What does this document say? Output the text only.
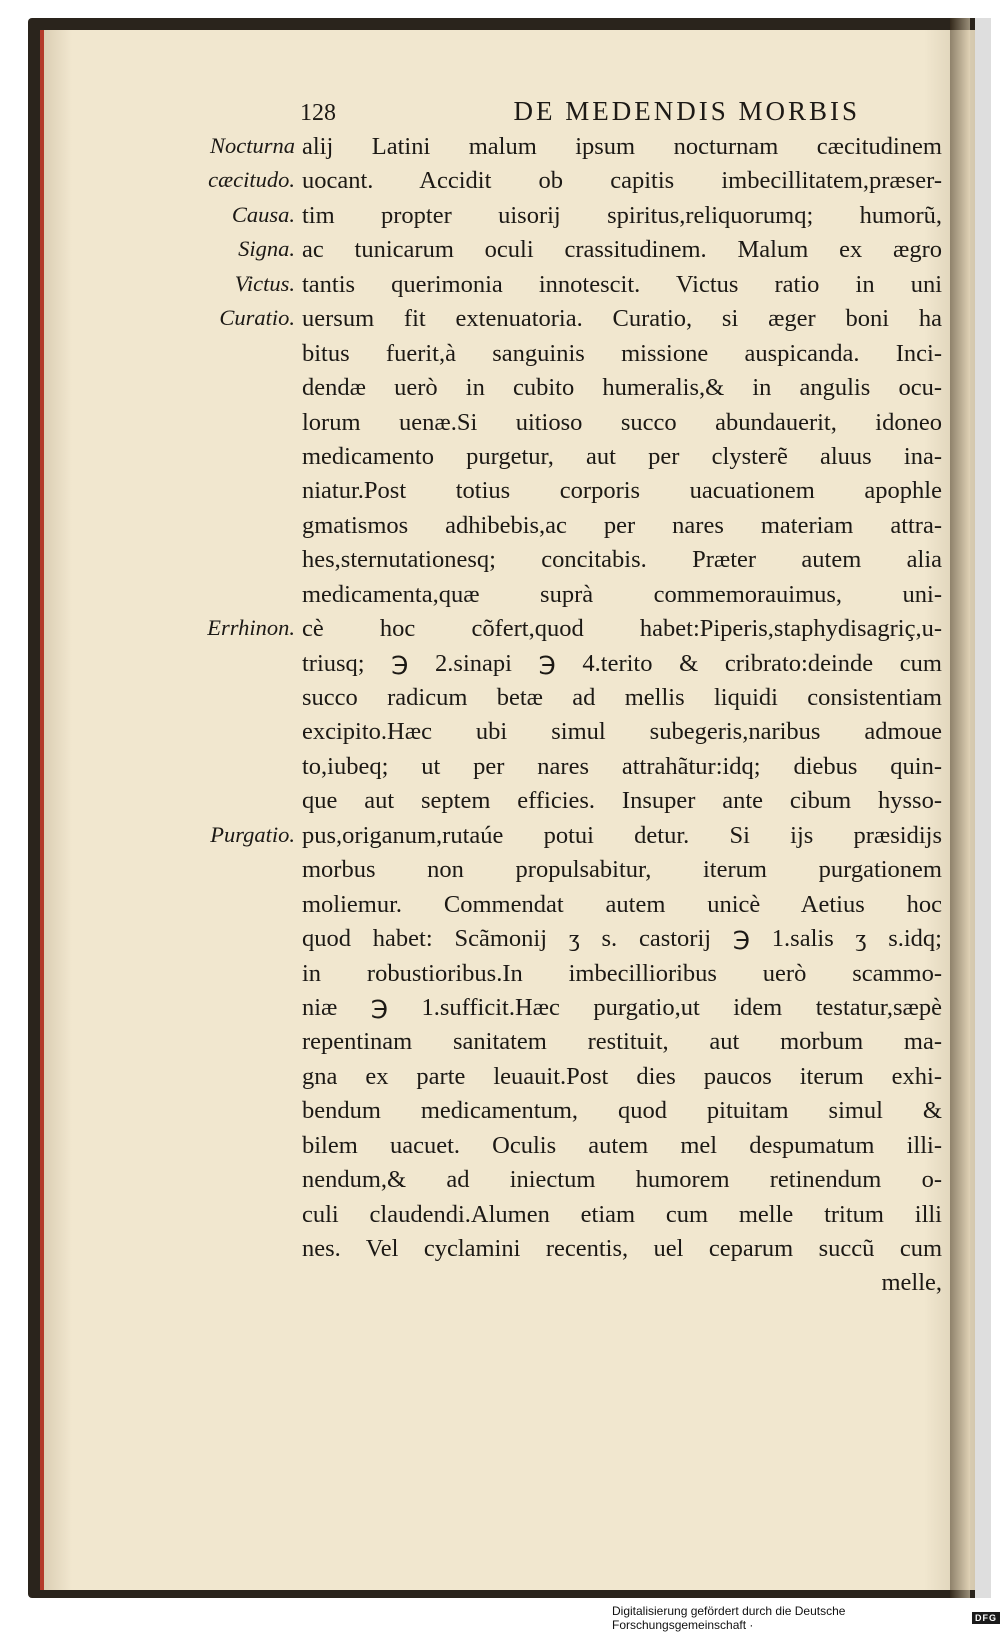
128	DE MEDENDIS MORBIS
alij Latini malum ipsum nocturnam cæcitudinem
uocant. Accidit ob capitis imbecillitatem,præser-
tim propter uisorij spiritus,reliquorumq; humorũ,
ac tunicarum oculi crassitudinem. Malum ex ægro
tantis querimonia innotescit. Victus ratio in uni
uersum fit extenuatoria. Curatio, si æger boni ha
bitus fuerit,à sanguinis missione auspicanda. Inci-
dendæ uerò in cubito humeralis,& in angulis ocu-
lorum uenæ.Si uitioso succo abundauerit, idoneo
medicamento purgetur, aut per clysterẽ aluus ina-
niatur.Post totius corporis uacuationem apophle
gmatismos adhibebis,ac per nares materiam attra-
hes,sternutationesq; concitabis. Præter autem alia
medicamenta,quæ suprà commemorauimus, uni-
cè hoc cõfert,quod habet:Piperis,staphydisagriç,u-
triusq; ℈ 2.sinapi ℈ 4.terito & cribrato:deinde cum
succo radicum betæ ad mellis liquidi consistentiam
excipito.Hæc ubi simul subegeris,naribus admoue
to,iubeq; ut per nares attrahãtur:idq; diebus quin-
que aut septem efficies. Insuper ante cibum hysso-
pus,origanum,rutaúe potui detur. Si ijs præsidijs
morbus non propulsabitur, iterum purgationem
moliemur. Commendat autem unicè Aetius hoc
quod habet: Scãmonij ʒ s. castorij ℈ 1.salis ʒ s.idq;
in robustioribus.In imbecillioribus uerò scammo-
niæ ℈ 1.sufficit.Hæc purgatio,ut idem testatur,sæpè
repentinam sanitatem restituit, aut morbum ma-
gna ex parte leuauit.Post dies paucos iterum exhi-
bendum medicamentum, quod pituitam simul &
bilem uacuet. Oculis autem mel despumatum illi-
nendum,& ad iniectum humorem retinendum o-
culi claudendi.Alumen etiam cum melle tritum illi
nes. Vel cyclamini recentis, uel ceparum succũ cum
melle,
Nocturna
cæcitudo.
Causa.
Signa.
Victus.
Curatio.
Errhinon.
Purgatio.
Digitalisierung gefördert durch die Deutsche Forschungsgemeinschaft ·	DFG
